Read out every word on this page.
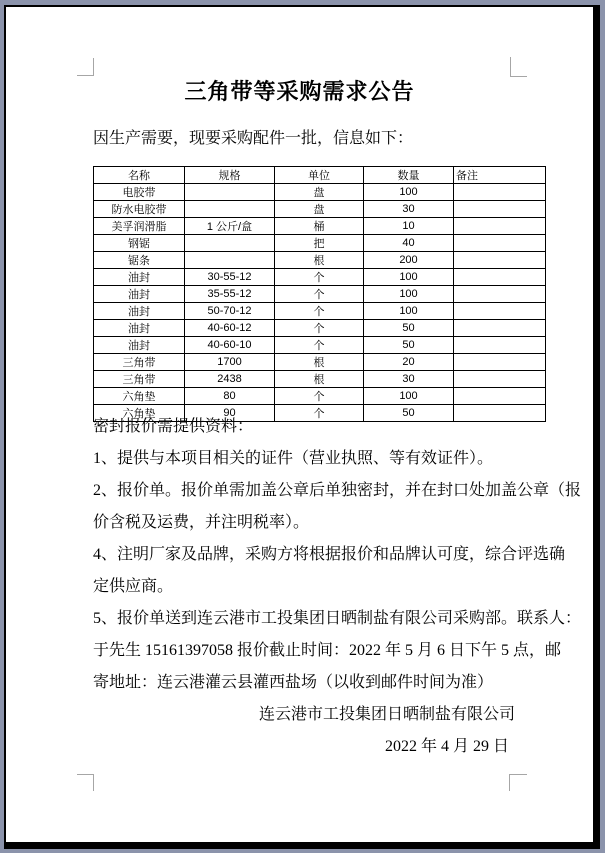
三角带等采购需求公告
因生产需要，现要采购配件一批，信息如下：
名称	规格	单位	数量	备注
电胶带		盘	100	
防水电胶带		盘	30	
美孚润滑脂	1 公斤/盒	桶	10	
钢锯		把	40	
锯条		根	200	
油封	30-55-12	个	100	
油封	35-55-12	个	100	
油封	50-70-12	个	100	
油封	40-60-12	个	50	
油封	40-60-10	个	50	
三角带	1700	根	20	
三角带	2438	根	30	
六角垫	80	个	100	
六角垫	90	个	50	
密封报价需提供资料：
1、提供与本项目相关的证件（营业执照、等有效证件）。
2、报价单。报价单需加盖公章后单独密封，并在封口处加盖公章（报
价含税及运费，并注明税率）。
4、注明厂家及品牌，采购方将根据报价和品牌认可度，综合评选确
定供应商。
5、报价单送到连云港市工投集团日晒制盐有限公司采购部。联系人：
于先生 15161397058 报价截止时间：2022 年 5 月 6 日下午 5 点，邮
寄地址：连云港灌云县灌西盐场（以收到邮件时间为准）
连云港市工投集团日晒制盐有限公司
2022 年 4 月 29 日
